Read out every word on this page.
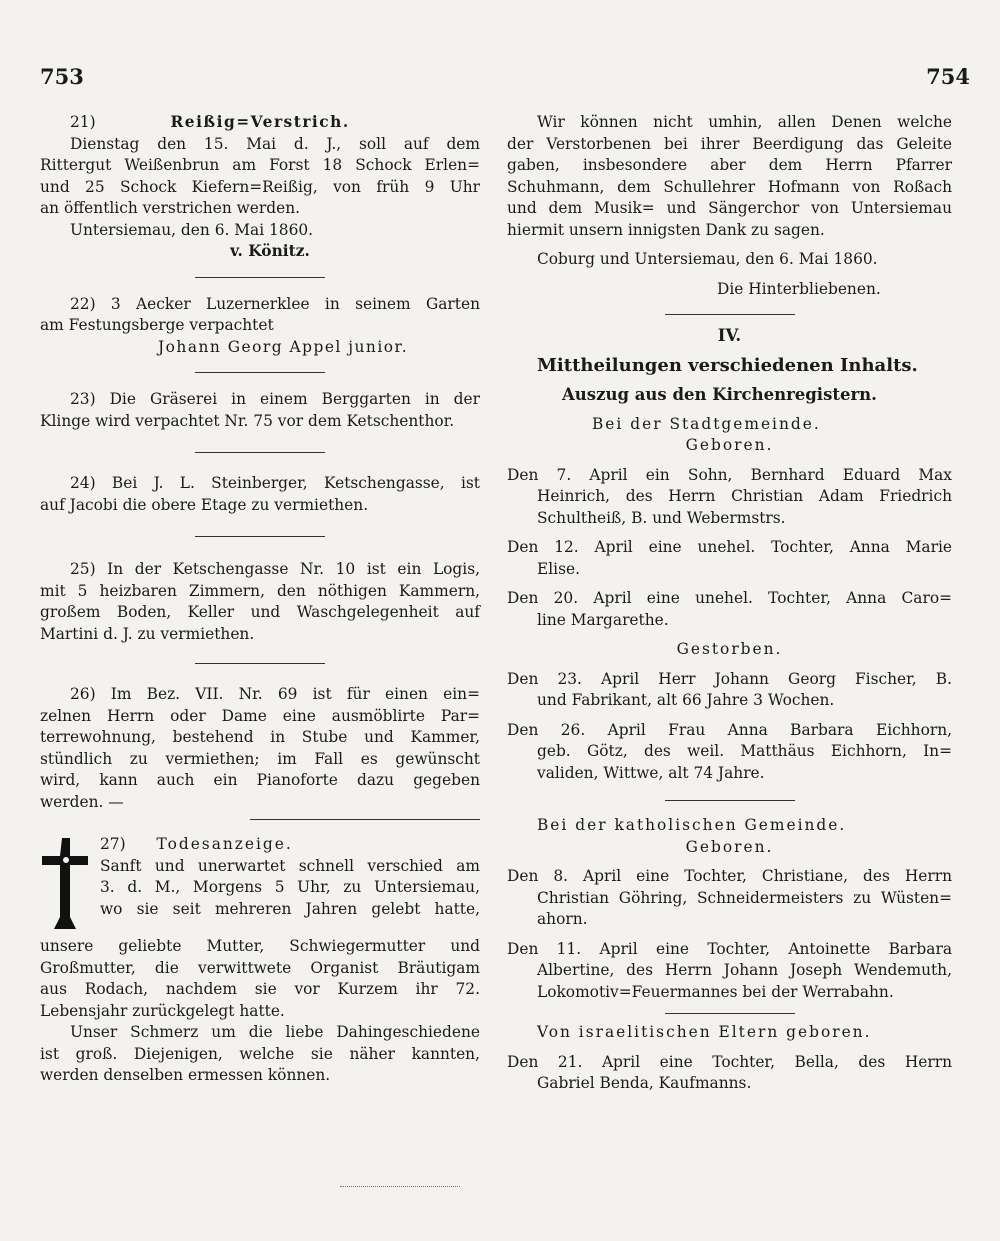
753	754
21)	Reißig=Verstrich.
Dienstag den 15. Mai d. J., soll auf dem
Rittergut Weißenbrun am Forst 18 Schock Erlen=
und 25 Schock Kiefern=Reißig, von früh 9 Uhr
an öffentlich verstrichen werden.
Untersiemau, den 6. Mai 1860.
v. Könitz.
22) 3 Aecker Luzernerklee in seinem Garten
am Festungsberge verpachtet
Johann Georg Appel junior.
23) Die Gräserei in einem Berggarten in der
Klinge wird verpachtet Nr. 75 vor dem Ketschenthor.
24) Bei J. L. Steinberger, Ketschengasse, ist
auf Jacobi die obere Etage zu vermiethen.
25) In der Ketschengasse Nr. 10 ist ein Logis,
mit 5 heizbaren Zimmern, den nöthigen Kammern,
großem Boden, Keller und Waschgelegenheit auf
Martini d. J. zu vermiethen.
26) Im Bez. VII. Nr. 69 ist für einen ein=
zelnen Herrn oder Dame eine ausmöblirte Par=
terrewohnung, bestehend in Stube und Kammer,
stündlich zu vermiethen; im Fall es gewünscht
wird, kann auch ein Pianoforte dazu gegeben
werden. —
27) Todesanzeige.
Sanft und unerwartet schnell verschied am
3. d. M., Morgens 5 Uhr, zu Untersiemau,
wo sie seit mehreren Jahren gelebt hatte,
unsere geliebte Mutter, Schwiegermutter und
Großmutter, die verwittwete Organist Bräutigam
aus Rodach, nachdem sie vor Kurzem ihr 72.
Lebensjahr zurückgelegt hatte.
Unser Schmerz um die liebe Dahingeschiedene
ist groß. Diejenigen, welche sie näher kannten,
werden denselben ermessen können.
Wir können nicht umhin, allen Denen welche
der Verstorbenen bei ihrer Beerdigung das Geleite
gaben, insbesondere aber dem Herrn Pfarrer
Schuhmann, dem Schullehrer Hofmann von Roßach
und dem Musik= und Sängerchor von Untersiemau
hiermit unsern innigsten Dank zu sagen.
Coburg und Untersiemau, den 6. Mai 1860.
Die Hinterbliebenen.
IV.
Mittheilungen verschiedenen Inhalts.
Auszug aus den Kirchenregistern.
Bei der Stadtgemeinde.
Geboren.
Den 7. April ein Sohn, Bernhard Eduard Max
Heinrich, des Herrn Christian Adam Friedrich
Schultheiß, B. und Webermstrs.
Den 12. April eine unehel. Tochter, Anna Marie
Elise.
Den 20. April eine unehel. Tochter, Anna Caro=
line Margarethe.
Gestorben.
Den 23. April Herr Johann Georg Fischer, B.
und Fabrikant, alt 66 Jahre 3 Wochen.
Den 26. April Frau Anna Barbara Eichhorn,
geb. Götz, des weil. Matthäus Eichhorn, In=
validen, Wittwe, alt 74 Jahre.
Bei der katholischen Gemeinde.
Geboren.
Den 8. April eine Tochter, Christiane, des Herrn
Christian Göhring, Schneidermeisters zu Wüsten=
ahorn.
Den 11. April eine Tochter, Antoinette Barbara
Albertine, des Herrn Johann Joseph Wendemuth,
Lokomotiv=Feuermannes bei der Werrabahn.
Von israelitischen Eltern geboren.
Den 21. April eine Tochter, Bella, des Herrn
Gabriel Benda, Kaufmanns.
